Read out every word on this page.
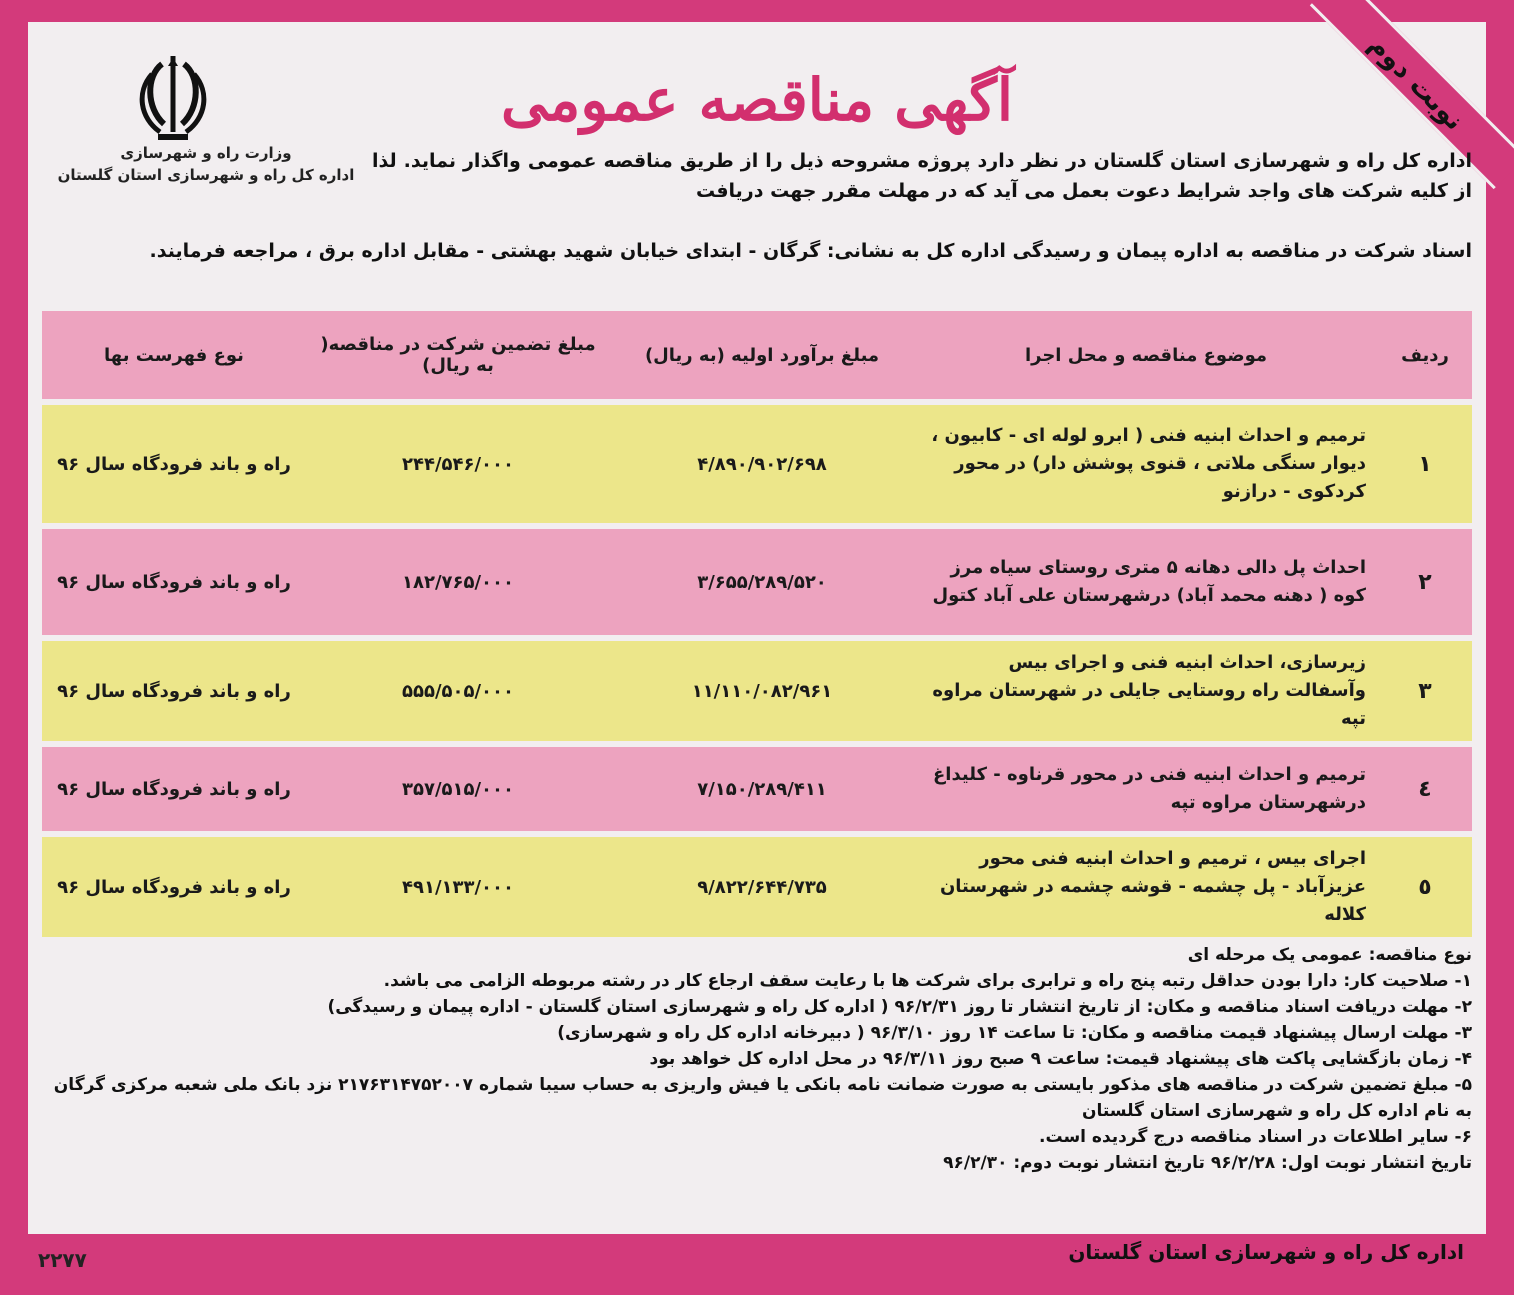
نوبت دوم
آگهی مناقصه عمومی
وزارت راه و شهرسازی
اداره کل راه و شهرسازی استان گلستان

اداره کل راه و شهرسازی استان گلستان در نظر دارد پروژه مشروحه ذیل را از طریق مناقصه عمومی واگذار نماید. لذا از کلیه شرکت های واجد شرایط دعوت بعمل می آید که در مهلت مقرر جهت دریافت

اسناد شرکت در مناقصه به اداره پیمان و رسیدگی اداره کل به نشانی: گرگان - ابتدای خیابان شهید بهشتی - مقابل اداره برق ، مراجعه فرمایند.

ردیف	موضوع مناقصه و محل اجرا	مبلغ برآورد اولیه (به ریال)	مبلغ تضمین شرکت در مناقصه( به ریال)	نوع فهرست بها
١	ترمیم و احداث ابنیه فنی ( ابرو لوله ای - کابیون ، دیوار سنگی ملاتی ، قنوی پوشش دار) در محور کردکوی - درازنو	۴/۸۹۰/۹۰۲/۶۹۸	۲۴۴/۵۴۶/۰۰۰	راه و باند فرودگاه سال ۹۶
٢	احداث پل دالی دهانه ۵ متری روستای سیاه مرز کوه ( دهنه محمد آباد) درشهرستان علی آباد کتول	۳/۶۵۵/۲۸۹/۵۲۰	۱۸۲/۷۶۵/۰۰۰	راه و باند فرودگاه سال ۹۶
٣	زیرسازی، احداث ابنیه فنی و اجرای بیس وآسفالت راه روستایی جایلی در شهرستان مراوه تپه	۱۱/۱۱۰/۰۸۲/۹۶۱	۵۵۵/۵۰۵/۰۰۰	راه و باند فرودگاه سال ۹۶
٤	ترمیم و احداث ابنیه فنی در محور قرناوه - کلیداغ درشهرستان مراوه تپه	۷/۱۵۰/۲۸۹/۴۱۱	۳۵۷/۵۱۵/۰۰۰	راه و باند فرودگاه سال ۹۶
٥	اجرای بیس ، ترمیم و احداث ابنیه فنی محور عزیزآباد - پل چشمه - قوشه چشمه در شهرستان کلاله	۹/۸۲۲/۶۴۴/۷۳۵	۴۹۱/۱۳۳/۰۰۰	راه و باند فرودگاه سال ۹۶
نوع مناقصه: عمومی یک مرحله ای
۱- صلاحیت کار: دارا بودن حداقل رتبه پنج راه و ترابری برای شرکت ها با رعایت سقف ارجاع کار در رشته مربوطه الزامی می باشد.
۲- مهلت دریافت اسناد مناقصه و مکان: از تاریخ انتشار تا روز ۹۶/۲/۳۱ ( اداره کل راه و شهرسازی استان گلستان - اداره پیمان و رسیدگی)
۳- مهلت ارسال پیشنهاد قیمت مناقصه و مکان: تا ساعت ۱۴ روز ۹۶/۳/۱۰ ( دبیرخانه اداره کل راه و شهرسازی)
۴- زمان بازگشایی پاکت های پیشنهاد قیمت: ساعت ۹ صبح روز ۹۶/۳/۱۱ در محل اداره کل خواهد بود
۵- مبلغ تضمین شرکت در مناقصه های مذکور بایستی به صورت ضمانت نامه بانکی یا فیش واریزی به حساب سیبا شماره ۲۱۷۶۳۱۴۷۵۲۰۰۷ نزد بانک ملی شعبه مرکزی گرگان به نام اداره کل راه و شهرسازی استان گلستان
۶- سایر اطلاعات در اسناد مناقصه درج گردیده است.
تاریخ انتشار نوبت اول: ۹۶/۲/۲۸ تاریخ انتشار نوبت دوم: ۹۶/۲/۳۰
اداره کل راه و شهرسازی استان گلستان
۲۲۷۷
